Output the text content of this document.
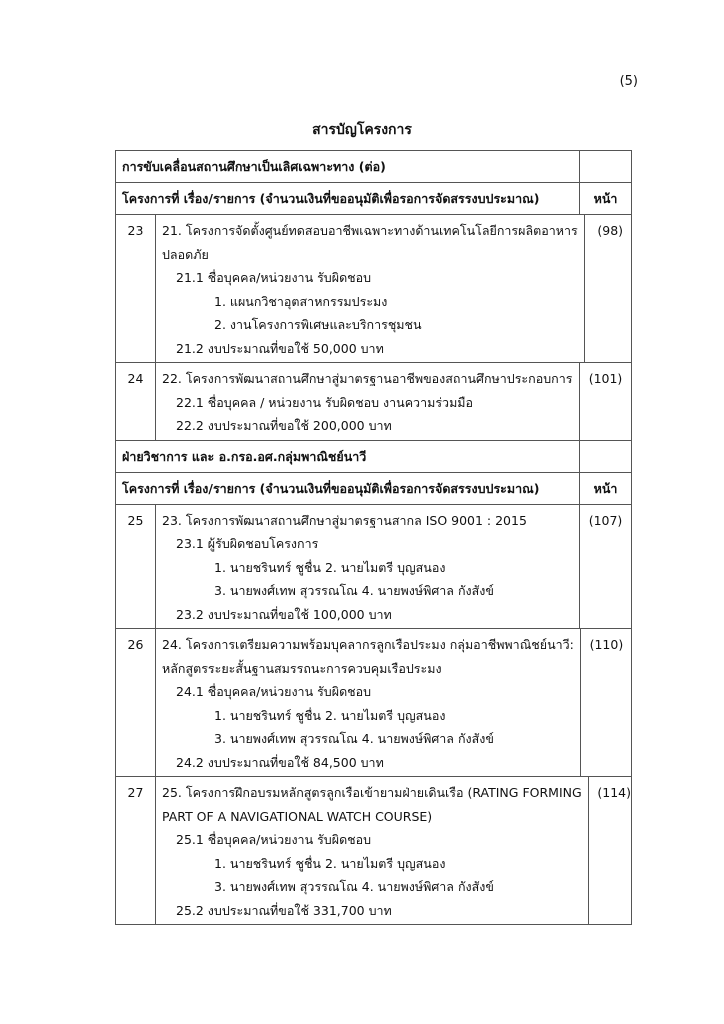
(5)
สารบัญโครงการ
การขับเคลื่อนสถานศึกษาเป็นเลิศเฉพาะทาง (ต่อ)
โครงการที่ เรื่อง/รายการ (จำนวนเงินที่ขออนุมัติเพื่อรอการจัดสรรงบประมาณ)	หน้า
23	21. โครงการจัดตั้งศูนย์ทดสอบอาชีพเฉพาะทางด้านเทคโนโลยีการผลิตอาหาร
ปลอดภัย
21.1 ชื่อบุคคล/หน่วยงาน รับผิดชอบ
1. แผนกวิชาอุตสาหกรรมประมง
2. งานโครงการพิเศษและบริการชุมชน
21.2 งบประมาณที่ขอใช้ 50,000 บาท
(98)
24	22. โครงการพัฒนาสถานศึกษาสู่มาตรฐานอาชีพของสถานศึกษาประกอบการ
22.1 ชื่อบุคคล / หน่วยงาน รับผิดชอบ งานความร่วมมือ
22.2 งบประมาณที่ขอใช้ 200,000 บาท
(101)
ฝ่ายวิชาการ และ อ.กรอ.อศ.กลุ่มพาณิชย์นาวี
โครงการที่ เรื่อง/รายการ (จำนวนเงินที่ขออนุมัติเพื่อรอการจัดสรรงบประมาณ)	หน้า
25	23. โครงการพัฒนาสถานศึกษาสู่มาตรฐานสากล ISO 9001 : 2015
23.1 ผู้รับผิดชอบโครงการ
1. นายชรินทร์ ชูชื่น 2. นายไมตรี บุญสนอง
3. นายพงศ์เทพ สุวรรณโณ 4. นายพงษ์พิศาล กังสังข์
23.2 งบประมาณที่ขอใช้ 100,000 บาท
(107)
26	24. โครงการเตรียมความพร้อมบุคลากรลูกเรือประมง กลุ่มอาชีพพาณิชย์นาวี:
หลักสูตรระยะสั้นฐานสมรรถนะการควบคุมเรือประมง
24.1 ชื่อบุคคล/หน่วยงาน รับผิดชอบ
1. นายชรินทร์ ชูชื่น 2. นายไมตรี บุญสนอง
3. นายพงศ์เทพ สุวรรณโณ 4. นายพงษ์พิศาล กังสังข์
24.2 งบประมาณที่ขอใช้ 84,500 บาท
(110)
27	25. โครงการฝึกอบรมหลักสูตรลูกเรือเข้ายามฝ่ายเดินเรือ (RATING FORMING
PART OF A NAVIGATIONAL WATCH COURSE)
25.1 ชื่อบุคคล/หน่วยงาน รับผิดชอบ
1. นายชรินทร์ ชูชื่น 2. นายไมตรี บุญสนอง
3. นายพงศ์เทพ สุวรรณโณ 4. นายพงษ์พิศาล กังสังข์
25.2 งบประมาณที่ขอใช้ 331,700 บาท
(114)
